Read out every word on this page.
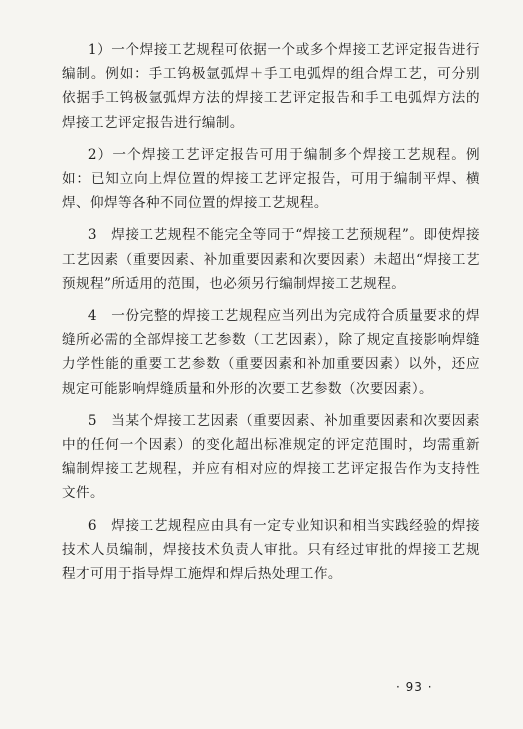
1）一个焊接工艺规程可依据一个或多个焊接工艺评定报告进行编制。例如：手工钨极氩弧焊＋手工电弧焊的组合焊工艺，可分别依据手工钨极氩弧焊方法的焊接工艺评定报告和手工电弧焊方法的焊接工艺评定报告进行编制。

2）一个焊接工艺评定报告可用于编制多个焊接工艺规程。例如：已知立向上焊位置的焊接工艺评定报告，可用于编制平焊、横焊、仰焊等各种不同位置的焊接工艺规程。

3　焊接工艺规程不能完全等同于“焊接工艺预规程”。即使焊接工艺因素（重要因素、补加重要因素和次要因素）未超出“焊接工艺预规程”所适用的范围，也必须另行编制焊接工艺规程。

4　一份完整的焊接工艺规程应当列出为完成符合质量要求的焊缝所必需的全部焊接工艺参数（工艺因素），除了规定直接影响焊缝力学性能的重要工艺参数（重要因素和补加重要因素）以外，还应规定可能影响焊缝质量和外形的次要工艺参数（次要因素）。

5　当某个焊接工艺因素（重要因素、补加重要因素和次要因素中的任何一个因素）的变化超出标准规定的评定范围时，均需重新编制焊接工艺规程，并应有相对应的焊接工艺评定报告作为支持性文件。

6　焊接工艺规程应由具有一定专业知识和相当实践经验的焊接技术人员编制，焊接技术负责人审批。只有经过审批的焊接工艺规程才可用于指导焊工施焊和焊后热处理工作。

· 93 ·
